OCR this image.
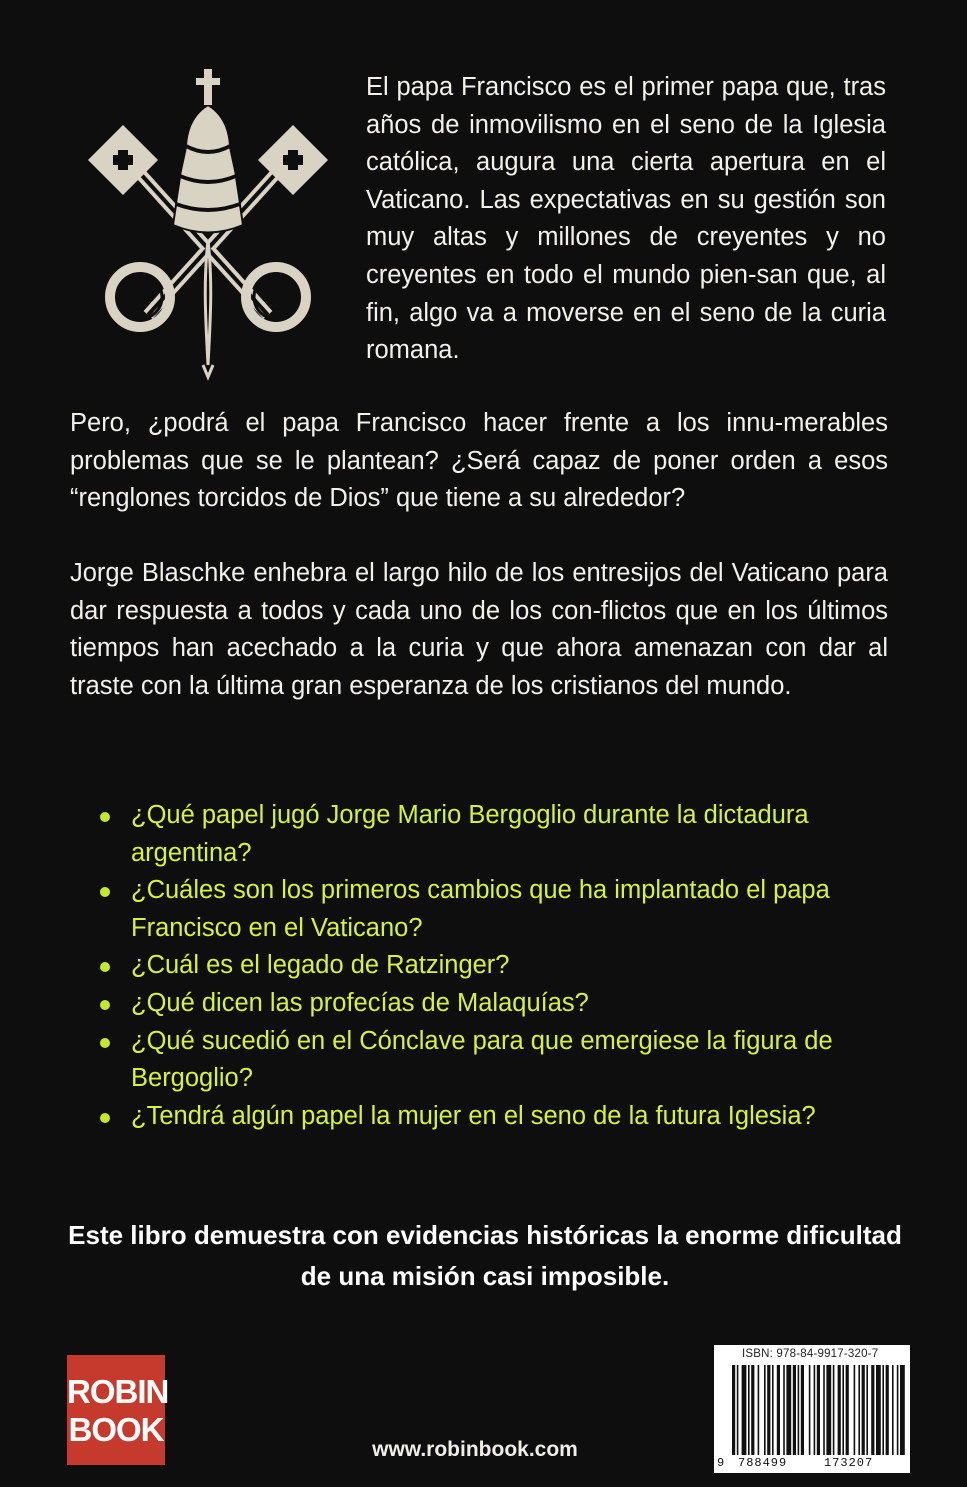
El papa Francisco es el primer papa que, tras años de inmovilismo en el seno de la Iglesia católica, augura una cierta apertura en el Vaticano. Las expectativas en su gestión son muy altas y millones de creyentes y no creyentes en todo el mundo pien-san que, al fin, algo va a moverse en el seno de la curia romana.

Pero, ¿podrá el papa Francisco hacer frente a los innu-merables problemas que se le plantean? ¿Será capaz de poner orden a esos “renglones torcidos de Dios” que tiene a su alrededor?

Jorge Blaschke enhebra el largo hilo de los entresijos del Vaticano para dar respuesta a todos y cada uno de los con-flictos que en los últimos tiempos han acechado a la curia y que ahora amenazan con dar al traste con la última gran esperanza de los cristianos del mundo.

¿Qué papel jugó Jorge Mario Bergoglio durante la dictadura argentina?
¿Cuáles son los primeros cambios que ha implantado el papa Francisco en el Vaticano?
¿Cuál es el legado de Ratzinger?
¿Qué dicen las profecías de Malaquías?
¿Qué sucedió en el Cónclave para que emergiese la figura de Bergoglio?
¿Tendrá algún papel la mujer en el seno de la futura Iglesia?
Este libro demuestra con evidencias históricas la enorme dificultad de una misión casi imposible.
ROBIN
BOOK
www.robinbook.com
ISBN: 978-84-9917-320-7
9 788499	173207
